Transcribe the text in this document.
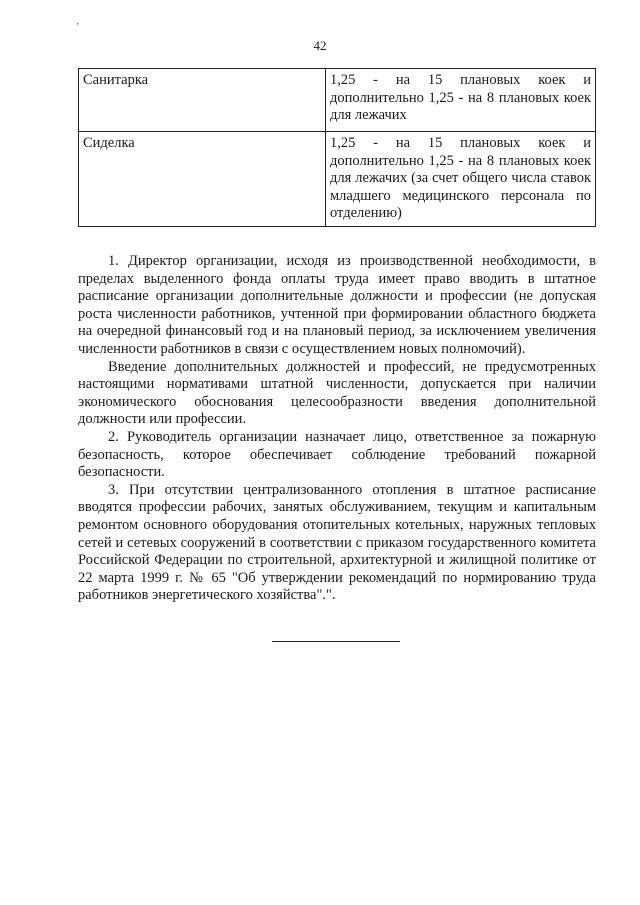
‚
42
Санитарка	1,25 - на 15 плановых коек и дополнительно 1,25 - на 8 плановых коек для лежачих
Сиделка	1,25 - на 15 плановых коек и дополнительно 1,25 - на 8 плановых коек для лежачих (за счет общего числа ставок младшего медицинского персонала по отделению)

1. Директор организации, исходя из производственной необходимости, в пределах выделенного фонда оплаты труда имеет право вводить в штатное расписание организации дополнительные должности и профессии (не допуская роста численности работников, учтенной при формировании областного бюджета на очередной финансовый год и на плановый период, за исключением увеличения численности работников в связи с осуществлением новых полномочий).

Введение дополнительных должностей и профессий, не предусмотренных настоящими нормативами штатной численности, допускается при наличии экономического обоснования целесообразности введения дополнительной должности или профессии.

2. Руководитель организации назначает лицо, ответственное за пожарную безопасность, которое обеспечивает соблюдение требований пожарной безопасности.

3. При отсутствии централизованного отопления в штатное расписание вводятся профессии рабочих, занятых обслуживанием, текущим и капитальным ремонтом основного оборудования отопительных котельных, наружных тепловых сетей и сетевых сооружений в соответствии с приказом государственного комитета Российской Федерации по строительной, архитектурной и жилищной политике от 22 марта 1999 г. № 65 "Об утверждении рекомендаций по нормированию труда работников энергетического хозяйства".".
